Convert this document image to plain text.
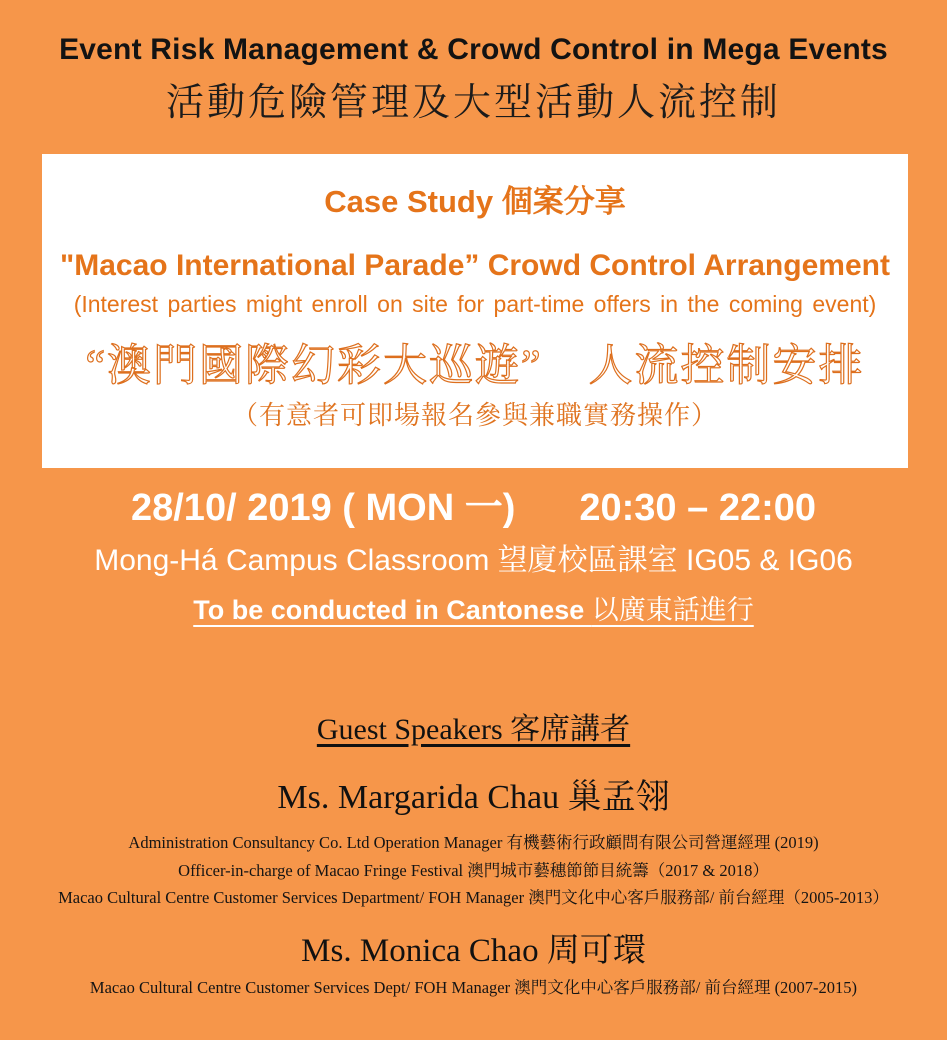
Event Risk Management & Crowd Control in Mega Events
活動危險管理及大型活動人流控制
Case Study 個案分享
"Macao International Parade” Crowd Control Arrangement
(Interest parties might enroll on site for part-time offers in the coming event)
“澳門國際幻彩大巡遊”　人流控制安排
（有意者可即場報名參與兼職實務操作）
28/10/ 2019 ( MON 一) 20:30 – 22:00
Mong-Há Campus Classroom 望廈校區課室 IG05 & IG06
To be conducted in Cantonese 以廣東話進行
Guest Speakers 客席講者
Ms. Margarida Chau 巢孟翎
Administration Consultancy Co. Ltd Operation Manager 有機藝術行政顧問有限公司營運經理 (2019)
Officer-in-charge of Macao Fringe Festival 澳門城市藝穗節節目統籌（2017 & 2018）
Macao Cultural Centre Customer Services Department/ FOH Manager 澳門文化中心客戶服務部/ 前台經理（2005-2013）
Ms. Monica Chao 周可環
Macao Cultural Centre Customer Services Dept/ FOH Manager 澳門文化中心客戶服務部/ 前台經理 (2007-2015)
